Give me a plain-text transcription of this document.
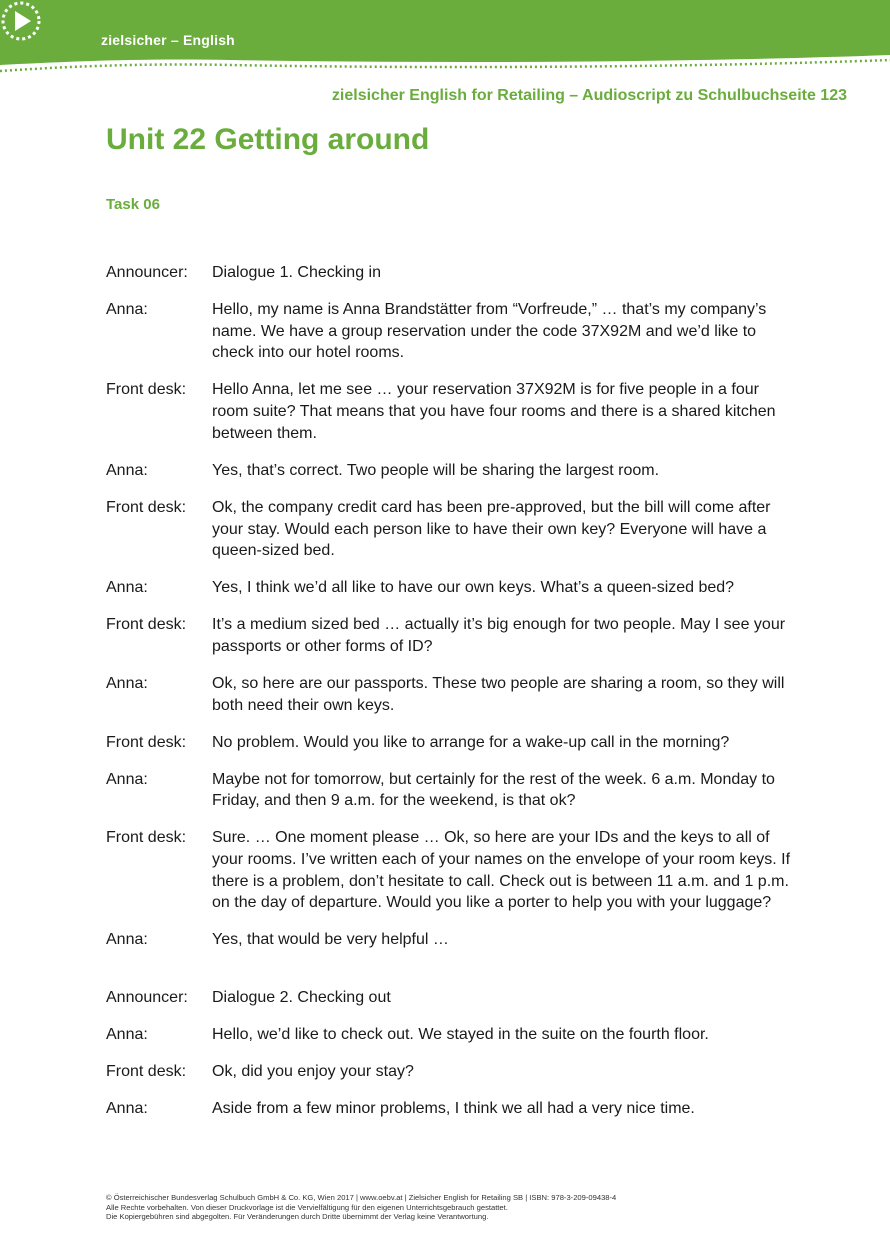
zielsicher – English
zielsicher English for Retailing – Audioscript zu Schulbuchseite 123
Unit 22 Getting around
Task 06
Announcer:	Dialogue 1. Checking in
Anna:	Hello, my name is Anna Brandstätter from “Vorfreude,” … that’s my company’s name. We have a group reservation under the code 37X92M and we’d like to check into our hotel rooms.
Front desk:	Hello Anna, let me see … your reservation 37X92M is for five people in a four room suite? That means that you have four rooms and there is a shared kitchen between them.
Anna:	Yes, that’s correct. Two people will be sharing the largest room.
Front desk:	Ok, the company credit card has been pre-approved, but the bill will come after your stay. Would each person like to have their own key? Everyone will have a queen-sized bed.
Anna:	Yes, I think we’d all like to have our own keys. What’s a queen-sized bed?
Front desk:	It’s a medium sized bed … actually it’s big enough for two people. May I see your passports or other forms of ID?
Anna:	Ok, so here are our passports. These two people are sharing a room, so they will both need their own keys.
Front desk:	No problem. Would you like to arrange for a wake-up call in the morning?
Anna:	Maybe not for tomorrow, but certainly for the rest of the week. 6 a.m. Monday to Friday, and then 9 a.m. for the weekend, is that ok?
Front desk:	Sure. … One moment please … Ok, so here are your IDs and the keys to all of your rooms. I’ve written each of your names on the envelope of your room keys. If there is a problem, don’t hesitate to call. Check out is between 11 a.m. and 1 p.m. on the day of departure. Would you like a porter to help you with your luggage?
Anna:	Yes, that would be very helpful …
Announcer:	Dialogue 2. Checking out
Anna:	Hello, we’d like to check out. We stayed in the suite on the fourth floor.
Front desk:	Ok, did you enjoy your stay?
Anna:	Aside from a few minor problems, I think we all had a very nice time.
© Österreichischer Bundesverlag Schulbuch GmbH & Co. KG, Wien 2017 | www.oebv.at | Zielsicher English for Retailing SB | ISBN: 978-3-209-09438-4
Alle Rechte vorbehalten. Von dieser Druckvorlage ist die Vervielfältigung für den eigenen Unterrichtsgebrauch gestattet.
Die Kopiergebühren sind abgegolten. Für Veränderungen durch Dritte übernimmt der Verlag keine Verantwortung.
